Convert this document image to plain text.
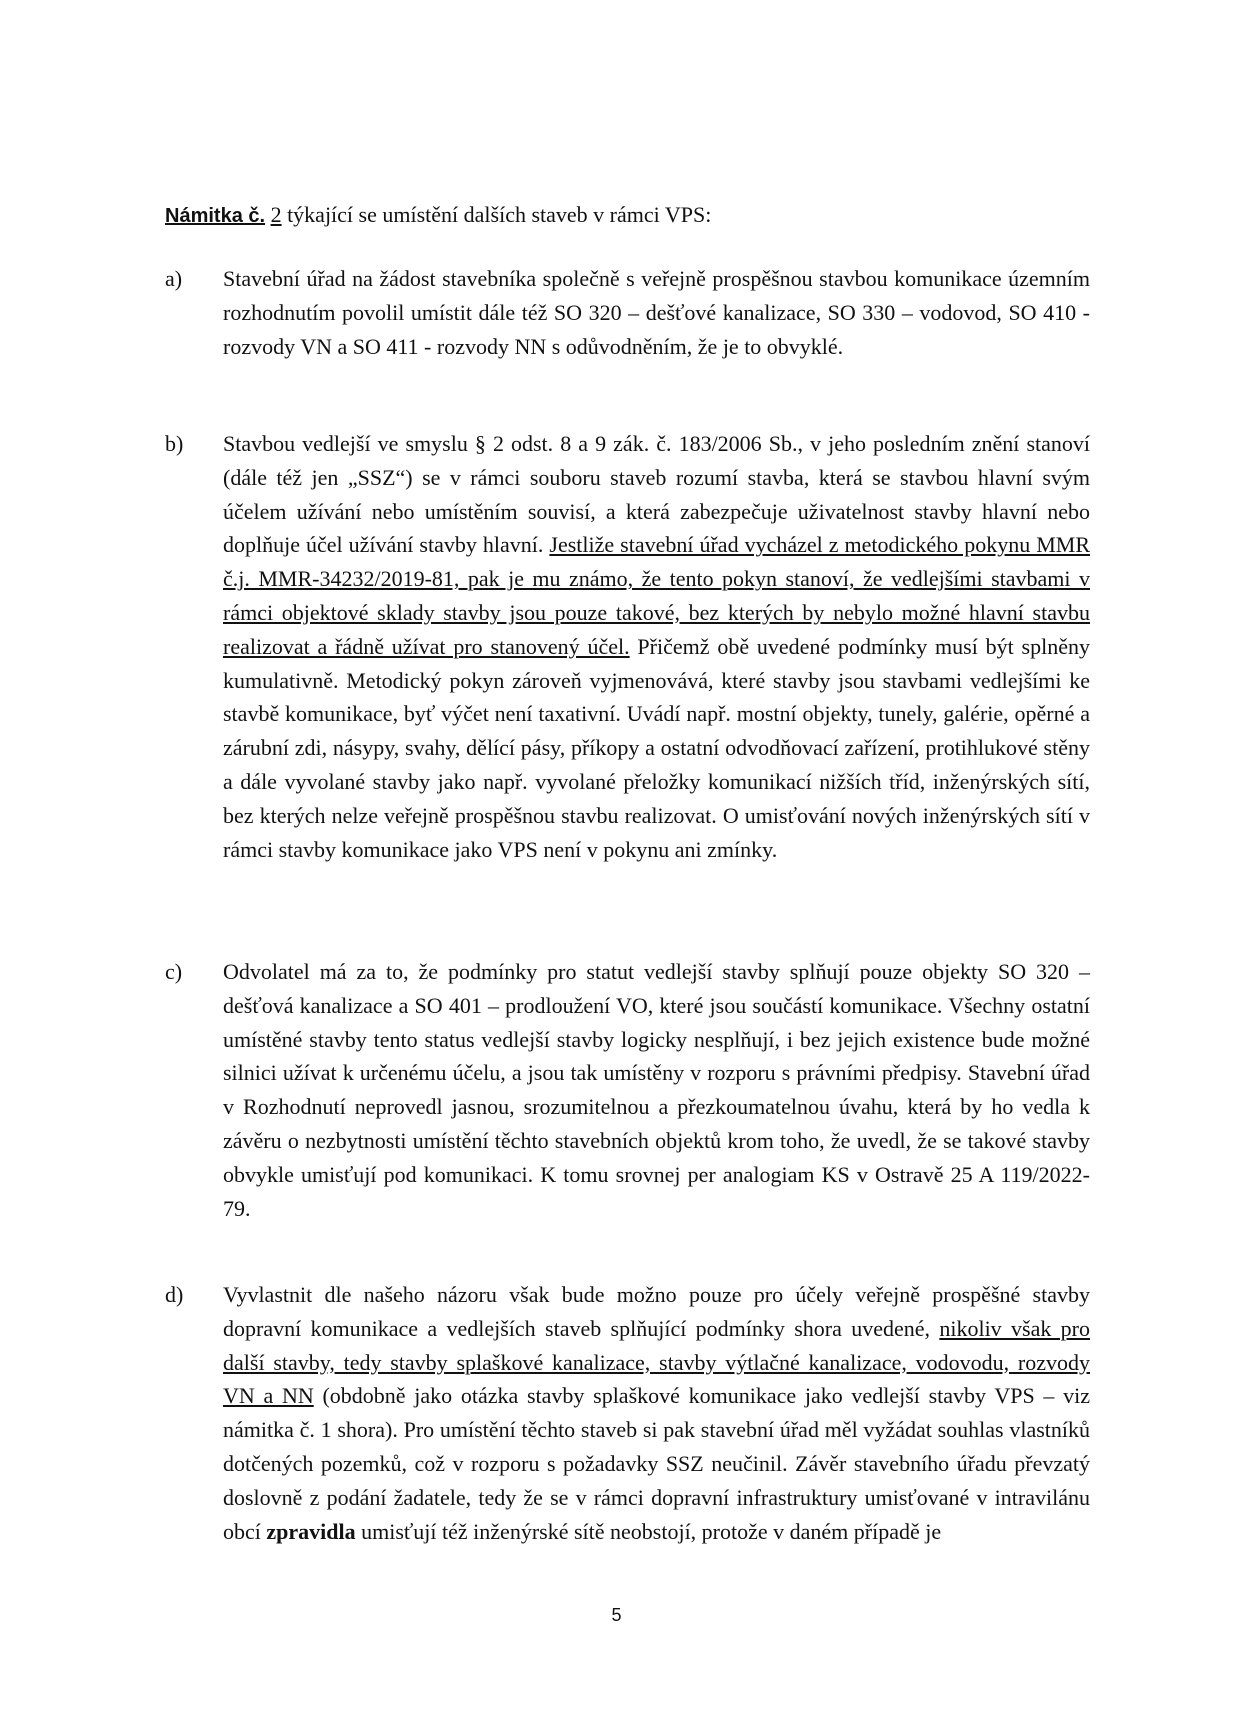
Námitka č. 2 týkající se umístění dalších staveb v rámci VPS:
a)	Stavební úřad na žádost stavebníka společně s veřejně prospěšnou stavbou komunikace územním rozhodnutím povolil umístit dále též SO 320 – dešťové kanalizace, SO 330 – vodovod, SO 410 - rozvody VN a SO 411 - rozvody NN s odůvodněním, že je to obvyklé.
b)	Stavbou vedlejší ve smyslu § 2 odst. 8 a 9 zák. č. 183/2006 Sb., v jeho posledním znění stanoví (dále též jen „SSZ“) se v rámci souboru staveb rozumí stavba, která se stavbou hlavní svým účelem užívání nebo umístěním souvisí, a která zabezpečuje uživatelnost stavby hlavní nebo doplňuje účel užívání stavby hlavní. Jestliže stavební úřad vycházel z metodického pokynu MMR č.j. MMR-34232/2019-81, pak je mu známo, že tento pokyn stanoví, že vedlejšími stavbami v rámci objektové sklady stavby jsou pouze takové, bez kterých by nebylo možné hlavní stavbu realizovat a řádně užívat pro stanovený účel. Přičemž obě uvedené podmínky musí být splněny kumulativně. Metodický pokyn zároveň vyjmenovává, které stavby jsou stavbami vedlejšími ke stavbě komunikace, byť výčet není taxativní. Uvádí např. mostní objekty, tunely, galérie, opěrné a zárubní zdi, násypy, svahy, dělící pásy, příkopy a ostatní odvodňovací zařízení, protihlukové stěny a dále vyvolané stavby jako např. vyvolané přeložky komunikací nižších tříd, inženýrských sítí, bez kterých nelze veřejně prospěšnou stavbu realizovat. O umisťování nových inženýrských sítí v rámci stavby komunikace jako VPS není v pokynu ani zmínky.
c)	Odvolatel má za to, že podmínky pro statut vedlejší stavby splňují pouze objekty SO 320 – dešťová kanalizace a SO 401 – prodloužení VO, které jsou součástí komunikace. Všechny ostatní umístěné stavby tento status vedlejší stavby logicky nesplňují, i bez jejich existence bude možné silnici užívat k určenému účelu, a jsou tak umístěny v rozporu s právními předpisy. Stavební úřad v Rozhodnutí neprovedl jasnou, srozumitelnou a přezkoumatelnou úvahu, která by ho vedla k závěru o nezbytnosti umístění těchto stavebních objektů krom toho, že uvedl, že se takové stavby obvykle umisťují pod komunikaci. K tomu srovnej per analogiam KS v Ostravě 25 A 119/2022-79.
d)	Vyvlastnit dle našeho názoru však bude možno pouze pro účely veřejně prospěšné stavby dopravní komunikace a vedlejších staveb splňující podmínky shora uvedené, nikoliv však pro další stavby, tedy stavby splaškové kanalizace, stavby výtlačné kanalizace, vodovodu, rozvody VN a NN (obdobně jako otázka stavby splaškové komunikace jako vedlejší stavby VPS – viz námitka č. 1 shora). Pro umístění těchto staveb si pak stavební úřad měl vyžádat souhlas vlastníků dotčených pozemků, což v rozporu s požadavky SSZ neučinil. Závěr stavebního úřadu převzatý doslovně z podání žadatele, tedy že se v rámci dopravní infrastruktury umisťované v intravilánu obcí zpravidla umisťují též inženýrské sítě neobstojí, protože v daném případě je
5
